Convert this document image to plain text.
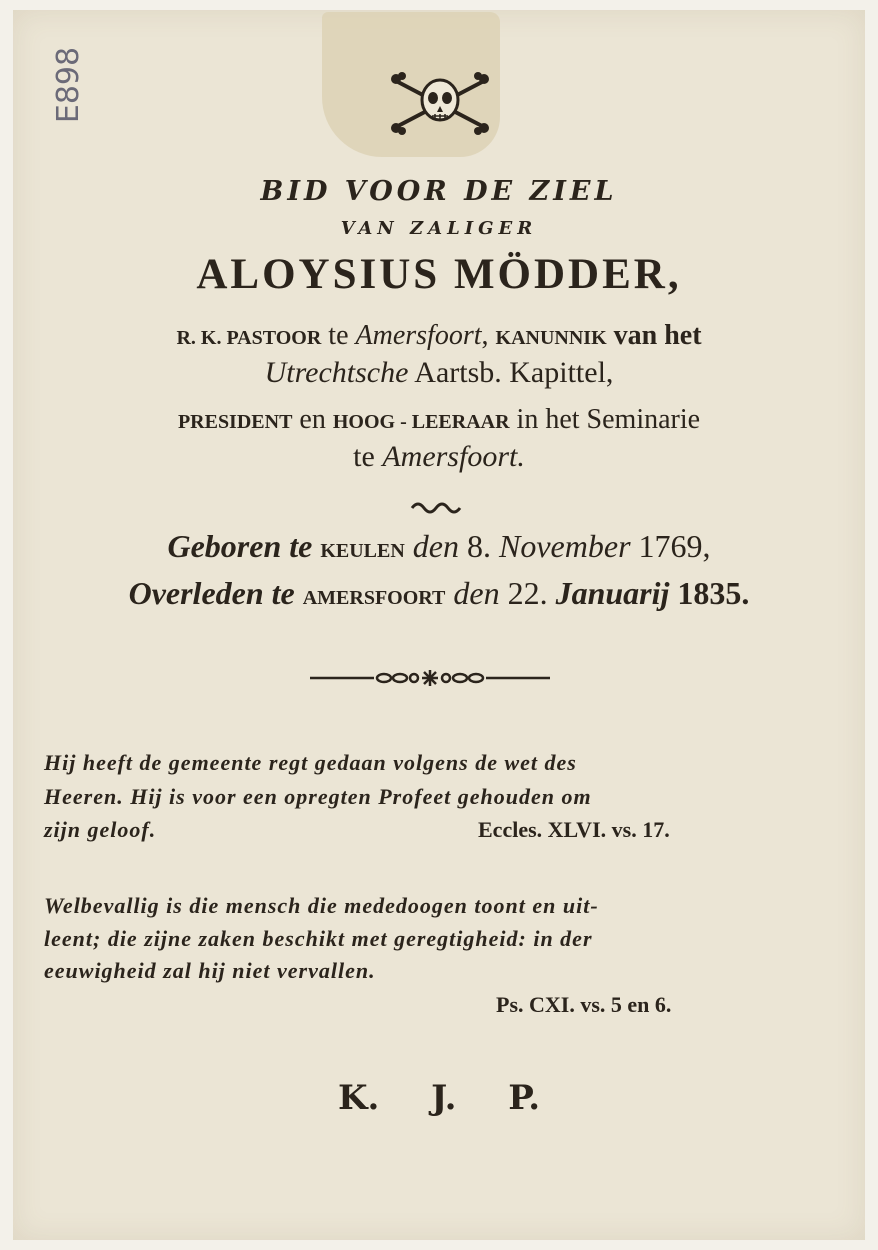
E898
BID VOOR DE ZIEL
VAN ZALIGER
ALOYSIUS MÖDDER,
R. K. PASTOOR te Amersfoort, KANUNNIK van het
Utrechtsche Aartsb. Kapittel,
PRESIDENT en HOOG - LEERAAR in het Seminarie
te Amersfoort.
Geboren te KEULEN den 8. November 1769,
Overleden te AMERSFOORT den 22. Januarij 1835.
Hij heeft de gemeente regt gedaan volgens de wet des
Heeren. Hij is voor een opregten Profeet gehouden om
zijn geloof.	Eccles. XLVI. vs. 17.
Welbevallig is die mensch die mededoogen toont en uit-
leent; die zijne zaken beschikt met geregtigheid: in der
eeuwigheid zal hij niet vervallen.
Ps. CXI. vs. 5 en 6.
K. J. P.
